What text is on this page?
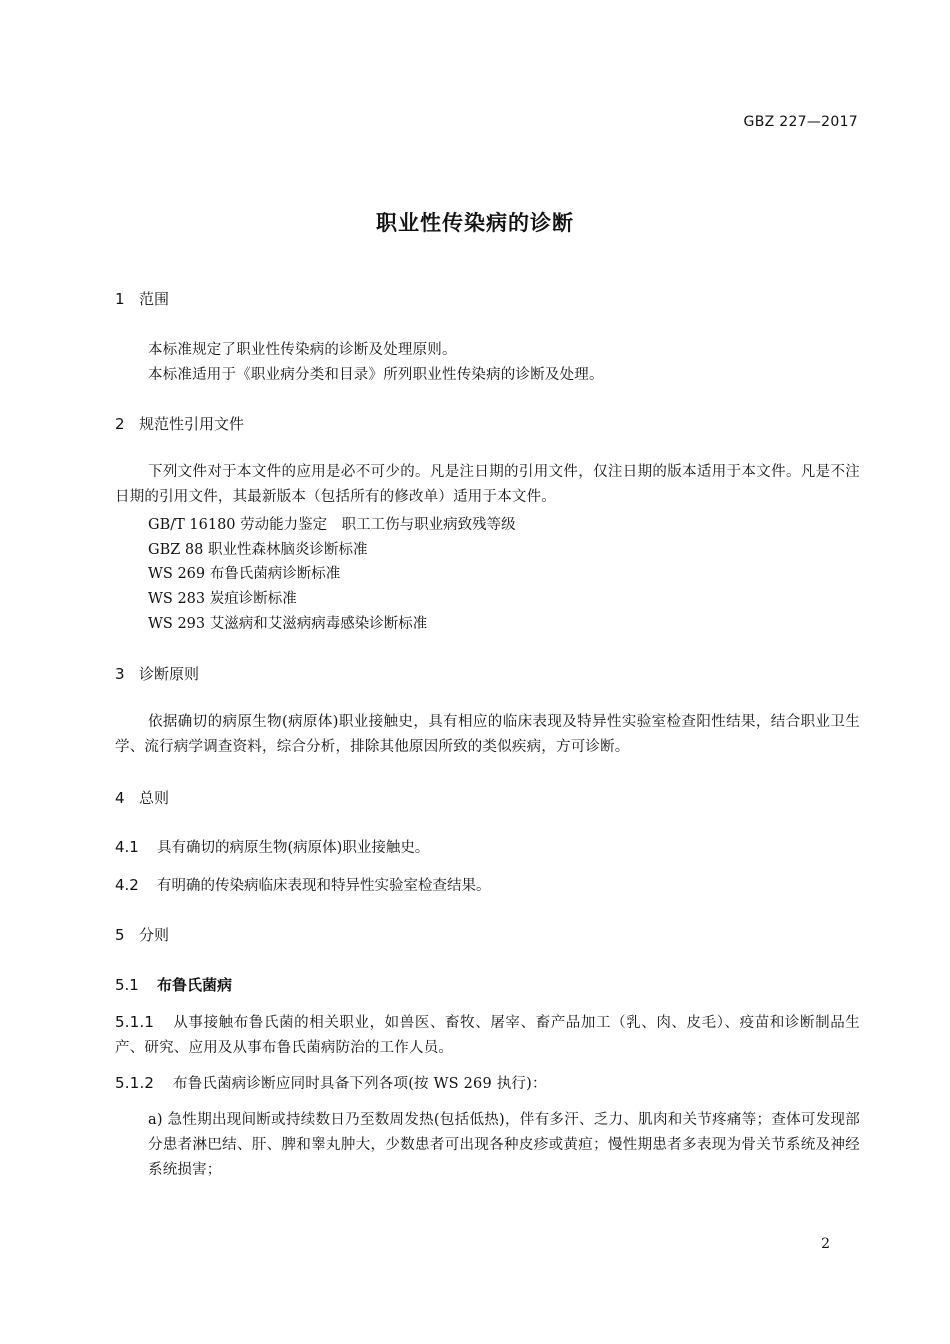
GBZ 227—2017
职业性传染病的诊断
1 范围
本标准规定了职业性传染病的诊断及处理原则。
本标准适用于《职业病分类和目录》所列职业性传染病的诊断及处理。
2 规范性引用文件
下列文件对于本文件的应用是必不可少的。凡是注日期的引用文件，仅注日期的版本适用于本文件。凡是不注日期的引用文件，其最新版本（包括所有的修改单）适用于本文件。
GB/T 16180 劳动能力鉴定　职工工伤与职业病致残等级
GBZ 88 职业性森林脑炎诊断标准
WS 269 布鲁氏菌病诊断标准
WS 283 炭疽诊断标准
WS 293 艾滋病和艾滋病病毒感染诊断标准
3 诊断原则
依据确切的病原生物(病原体)职业接触史，具有相应的临床表现及特异性实验室检查阳性结果，结合职业卫生学、流行病学调查资料，综合分析，排除其他原因所致的类似疾病，方可诊断。
4 总则
4.1 具有确切的病原生物(病原体)职业接触史。
4.2 有明确的传染病临床表现和特异性实验室检查结果。
5 分则
5.1 布鲁氏菌病
5.1.1 从事接触布鲁氏菌的相关职业，如兽医、畜牧、屠宰、畜产品加工（乳、肉、皮毛）、疫苗和诊断制品生产、研究、应用及从事布鲁氏菌病防治的工作人员。
5.1.2 布鲁氏菌病诊断应同时具备下列各项(按 WS 269 执行)：
a) 急性期出现间断或持续数日乃至数周发热(包括低热)，伴有多汗、乏力、肌肉和关节疼痛等；查体可发现部分患者淋巴结、肝、脾和睾丸肿大，少数患者可出现各种皮疹或黄疸；慢性期患者多表现为骨关节系统及神经系统损害；
2
